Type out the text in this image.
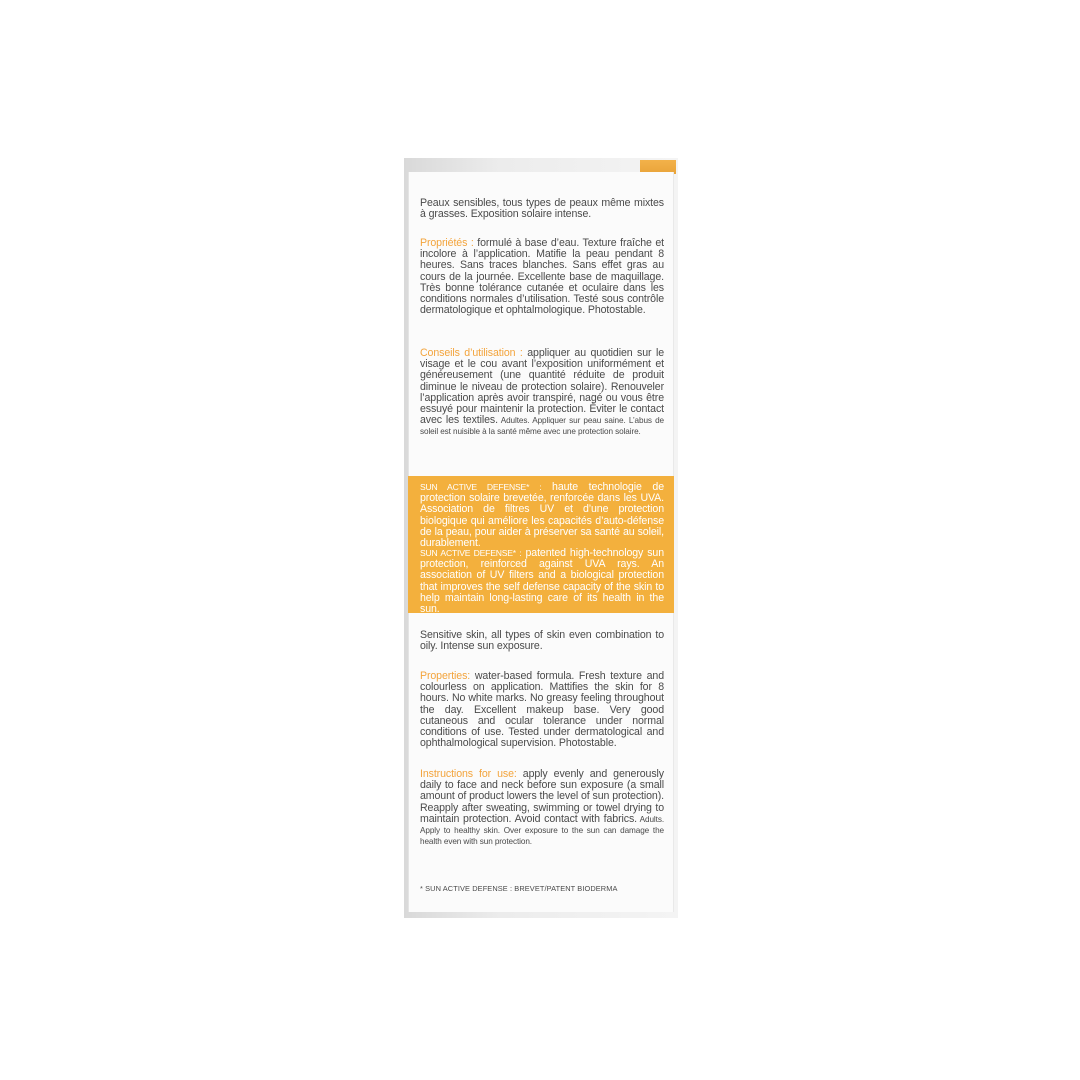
Peaux sensibles, tous types de peaux même mixtes à grasses. Exposition solaire intense.

Propriétés : formulé à base d’eau. Texture fraîche et incolore à l’application. Matifie la peau pendant 8 heures. Sans traces blanches. Sans effet gras au cours de la journée. Excellente base de maquillage. Très bonne tolérance cutanée et oculaire dans les conditions normales d’utilisation. Testé sous contrôle dermatologique et ophtalmologique. Photostable.

Conseils d’utilisation : appliquer au quotidien sur le visage et le cou avant l’exposition uniformément et généreusement (une quantité réduite de produit diminue le niveau de protection solaire). Renouveler l’application après avoir transpiré, nagé ou vous être essuyé pour maintenir la protection. Éviter le contact avec les textiles. Adultes. Appliquer sur peau saine. L’abus de soleil est nuisible à la santé même avec une protection solaire.

SUN ACTIVE DEFENSE* : haute technologie de protection solaire brevetée, renforcée dans les UVA. Association de filtres UV et d’une protection biologique qui améliore les capacités d’auto-défense de la peau, pour aider à préserver sa santé au soleil, durablement.

SUN ACTIVE DEFENSE* : patented high-technology sun protection, reinforced against UVA rays. An association of UV filters and a biological protection that improves the self defense capacity of the skin to help maintain long-lasting care of its health in the sun.

Sensitive skin, all types of skin even combination to oily. Intense sun exposure.

Properties: water-based formula. Fresh texture and colourless on application. Mattifies the skin for 8 hours. No white marks. No greasy feeling throughout the day. Excellent makeup base. Very good cutaneous and ocular tolerance under normal conditions of use. Tested under dermatological and ophthalmological supervision. Photostable.

Instructions for use: apply evenly and generously daily to face and neck before sun exposure (a small amount of product lowers the level of sun protection). Reapply after sweating, swimming or towel drying to maintain protection. Avoid contact with fabrics. Adults. Apply to healthy skin. Over exposure to the sun can damage the health even with sun protection.

* SUN ACTIVE DEFENSE : BREVET/PATENT BIODERMA
